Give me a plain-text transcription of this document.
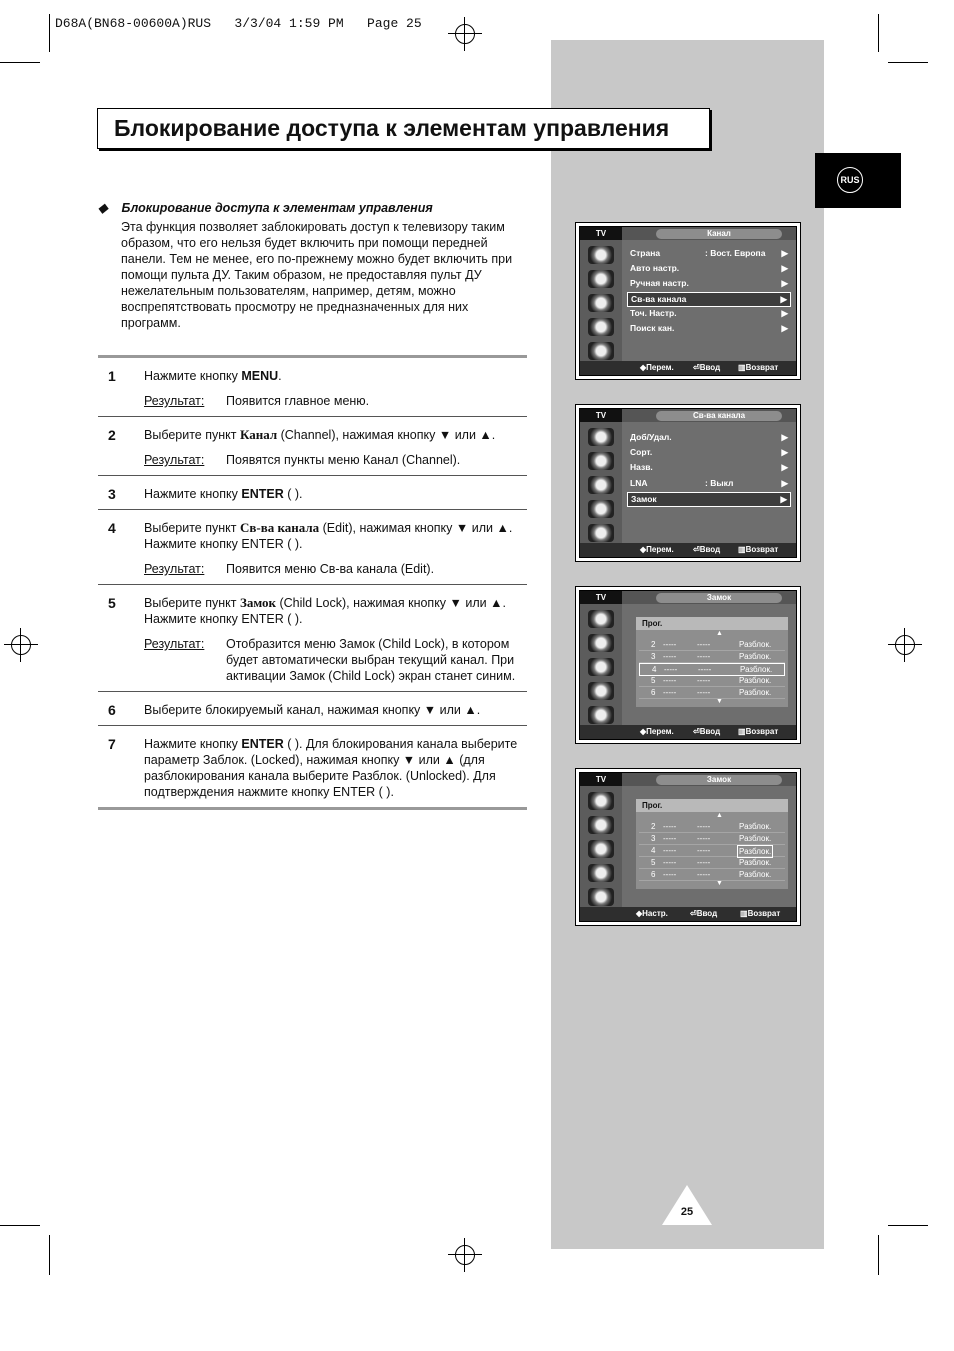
D68A(BN68-00600A)RUS   3/3/04 1:59 PM   Page 25
Блокирование доступа к элементам управления
RUS
◆    Блокирование доступа к элементам управления
Эта функция позволяет заблокировать доступ к телевизору таким образом, что его нельзя будет включить при помощи передней панели. Тем не менее, его по-прежнему можно будет включить при помощи пульта ДУ. Таким образом, не предоставляя пульт ДУ нежелательным пользователям, например, детям, можно воспрепятствовать просмотру не предназначенных для них программ.
1 Нажмите кнопку MENU.
Результат:	Появится главное меню.
2 Выберите пункт Канал (Channel), нажимая кнопку ▼ или ▲.
Результат:	Появятся пункты меню Канал (Channel).
3 Нажмите кнопку ENTER ( ).
4 Выберите пункт Св-ва канала (Edit), нажимая кнопку ▼ или ▲. Нажмите кнопку ENTER ( ).
Результат:	Появится меню Св-ва канала (Edit).
5 Выберите пункт Замок (Child Lock), нажимая кнопку ▼ или ▲. Нажмите кнопку ENTER ( ).
Результат:	Отобразится меню Замок (Child Lock), в котором будет автоматически выбран текущий канал. При активации Замок (Child Lock) экран станет синим.
6 Выберите блокируемый канал, нажимая кнопку ▼ или ▲.
7 Нажмите кнопку ENTER ( ). Для блокирования канала выберите параметр Заблок. (Locked), нажимая кнопку ▼ или ▲ (для разблокирования канала выберите Разблок. (Unlocked). Для подтверждения нажмите кнопку ENTER ( ).
TV	Канал
Страна	: Вост. Европа ▶
Авто настр.	▶
Ручная настр.	▶
Св-ва канала	▶
Точ. Настр.	▶
Поиск кан.	▶
◆ Перем. ⏎ Ввод ▥ Возврат
TV	Св-ва канала
Доб/Удал.	▶
Сорт.	▶
Назв.	▶
LNA	: Выкл	▶
Замок	▶
◆ Перем. ⏎ Ввод ▥ Возврат
TV	Замок
Прог.
▲
2 -----	-----	Разблок.
3 -----	-----	Разблок.
4 -----	-----	Разблок.
5 -----	-----	Разблок.
6 -----	-----	Разблок.
▼
◆ Перем. ⏎ Ввод ▥ Возврат
TV	Замок
Прог.
▲
2 -----	-----	Разблок.
3 -----	-----	Разблок.
4 -----	-----	Разблок.
5 -----	-----	Разблок.
6 -----	-----	Разблок.
▼
◆ Настр.	⏎ Ввод	▥ Возврат
25
